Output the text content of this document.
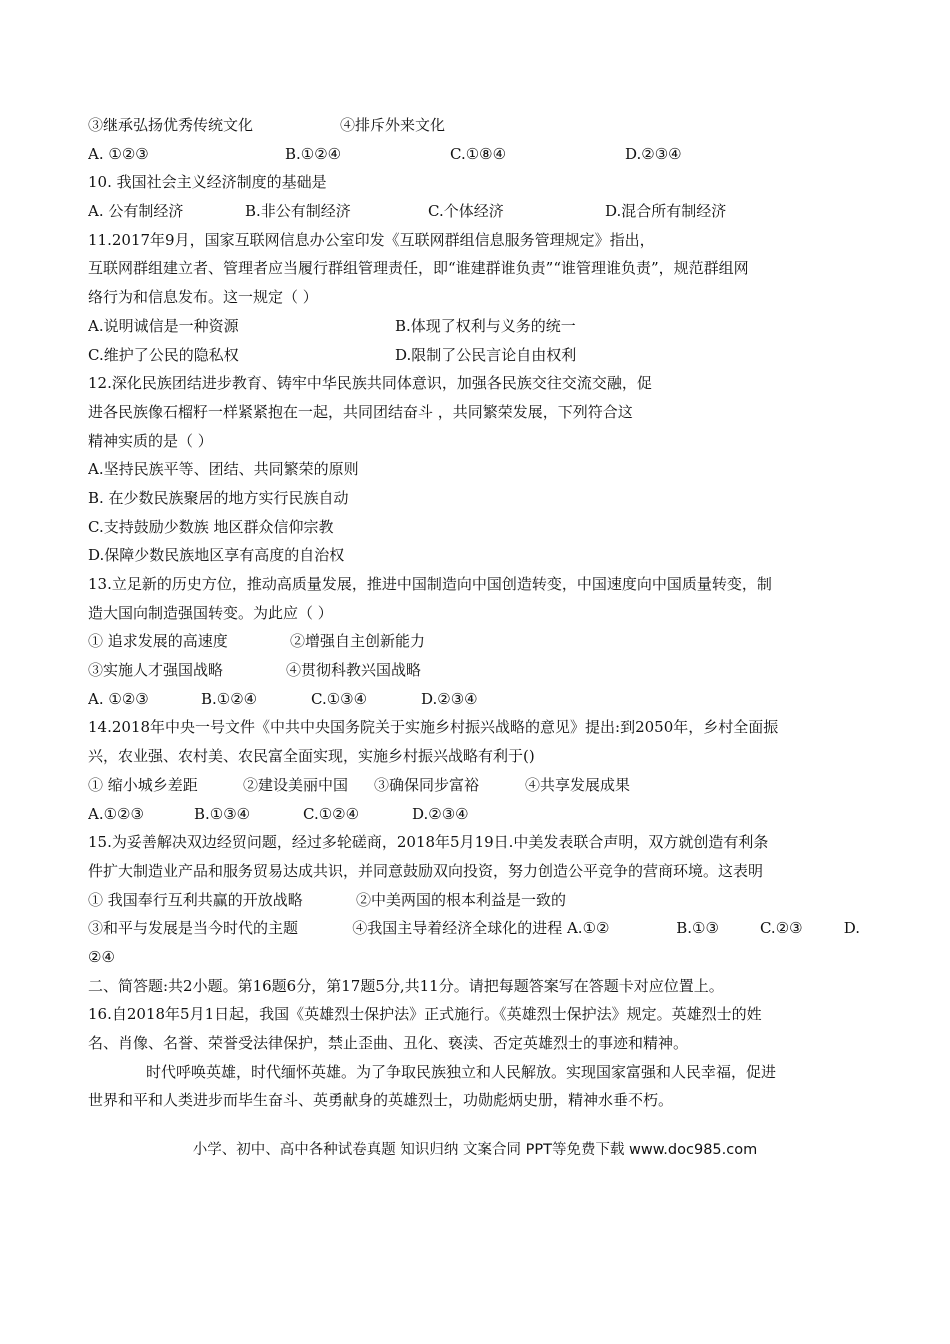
③继承弘扬优秀传统文化	④排斥外来文化
A. ①②③	B.①②④	C.①⑧④	D.②③④
10. 我国社会主义经济制度的基础是
A. 公有制经济	B.非公有制经济	C.个体经济	D.混合所有制经济
11.2017年9月，国家互联网信息办公室印发《互联网群组信息服务管理规定》指出，
互联网群组建立者、管理者应当履行群组管理责任，即“谁建群谁负责”“谁管理谁负责”，规范群组网
络行为和信息发布。这一规定（ ）
A.说明诚信是一种资源	B.体现了权利与义务的统一
C.维护了公民的隐私权	D.限制了公民言论自由权利
12.深化民族团结进步教育、铸牢中华民族共同体意识，加强各民族交往交流交融，促
进各民族像石榴籽一样紧紧抱在一起，共同团结奋斗 ，共同繁荣发展，下列符合这
精神实质的是（ ）
A.坚持民族平等、团结、共同繁荣的原则
B. 在少数民族聚居的地方实行民族自动
C.支持鼓励少数族 地区群众信仰宗教
D.保障少数民族地区享有高度的自治权
13.立足新的历史方位，推动高质量发展，推进中国制造向中国创造转变，中国速度向中国质量转变，制
造大国向制造强国转变。为此应（ ）
① 追求发展的高速度	②增强自主创新能力
③实施人才强国战略	④贯彻科教兴国战略
A. ①②③	B.①②④	C.①③④	D.②③④
14.2018年中央一号文件《中共中央国务院关于实施乡村振兴战略的意见》提出:到2050年，乡村全面振
兴，农业强、农村美、农民富全面实现，实施乡村振兴战略有利于()
① 缩小城乡差距	②建设美丽中国	③确保同步富裕	④共享发展成果
A.①②③	B.①③④	C.①②④	D.②③④
15.为妥善解决双边经贸问题，经过多轮磋商，2018年5月19日.中美发表联合声明，双方就创造有利条
件扩大制造业产品和服务贸易达成共识，并同意鼓励双向投资，努力创造公平竞争的营商环境。这表明
① 我国奉行互利共赢的开放战略	②中美两国的根本利益是一致的
③和平与发展是当今时代的主题	④我国主导着经济全球化的进程 A.①②	B.①③	C.②③	D.
②④
二、简答题:共2小题。第16题6分，第17题5分,共11分。请把每题答案写在答题卡对应位置上。
16.自2018年5月1日起，我国《英雄烈士保护法》正式施行。《英雄烈士保护法》规定。英雄烈士的姓
名、肖像、名誉、荣誉受法律保护，禁止歪曲、丑化、亵渎、否定英雄烈士的事迹和精神。
时代呼唤英雄，时代缅怀英雄。为了争取民族独立和人民解放。实现国家富强和人民幸福，促进
世界和平和人类进步而毕生奋斗、英勇献身的英雄烈士，功勋彪炳史册，精神水垂不朽。
小学、初中、高中各种试卷真题 知识归纳 文案合同 PPT等免费下载 www.doc985.com
